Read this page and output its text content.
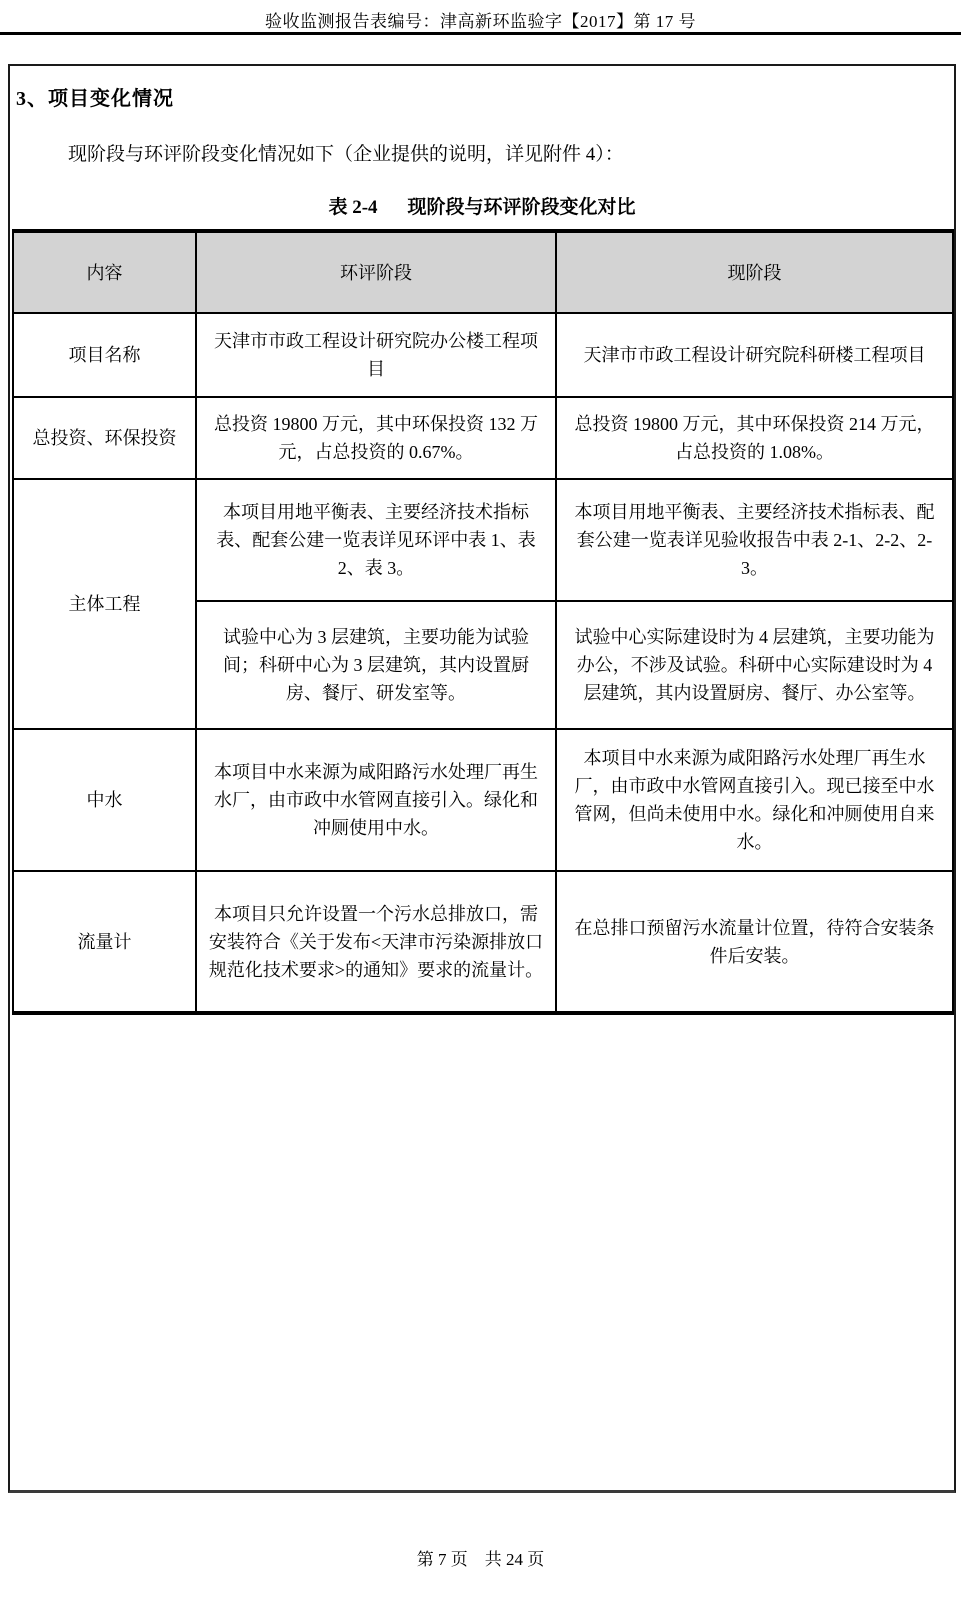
验收监测报告表编号：津高新环监验字【2017】第 17 号
3、项目变化情况
现阶段与环评阶段变化情况如下（企业提供的说明，详见附件 4）：
表 2-4 现阶段与环评阶段变化对比
内容	环评阶段	现阶段
项目名称	天津市市政工程设计研究院办公楼工程项目	天津市市政工程设计研究院科研楼工程项目
总投资、环保投资	总投资 19800 万元，其中环保投资 132 万元，占总投资的 0.67%。	总投资 19800 万元，其中环保投资 214 万元，占总投资的 1.08%。
主体工程	本项目用地平衡表、主要经济技术指标表、配套公建一览表详见环评中表 1、表 2、表 3。	本项目用地平衡表、主要经济技术指标表、配套公建一览表详见验收报告中表 2-1、2-2、2-3。
	试验中心为 3 层建筑，主要功能为试验间；科研中心为 3 层建筑，其内设置厨房、餐厅、研发室等。	试验中心实际建设时为 4 层建筑，主要功能为办公，不涉及试验。科研中心实际建设时为 4 层建筑，其内设置厨房、餐厅、办公室等。
中水	本项目中水来源为咸阳路污水处理厂再生水厂，由市政中水管网直接引入。绿化和冲厕使用中水。	本项目中水来源为咸阳路污水处理厂再生水厂，由市政中水管网直接引入。现已接至中水管网，但尚未使用中水。绿化和冲厕使用自来水。
流量计	本项目只允许设置一个污水总排放口，需安装符合《关于发布<天津市污染源排放口规范化技术要求>的通知》要求的流量计。	在总排口预留污水流量计位置，待符合安装条件后安装。
第 7 页　共 24 页
